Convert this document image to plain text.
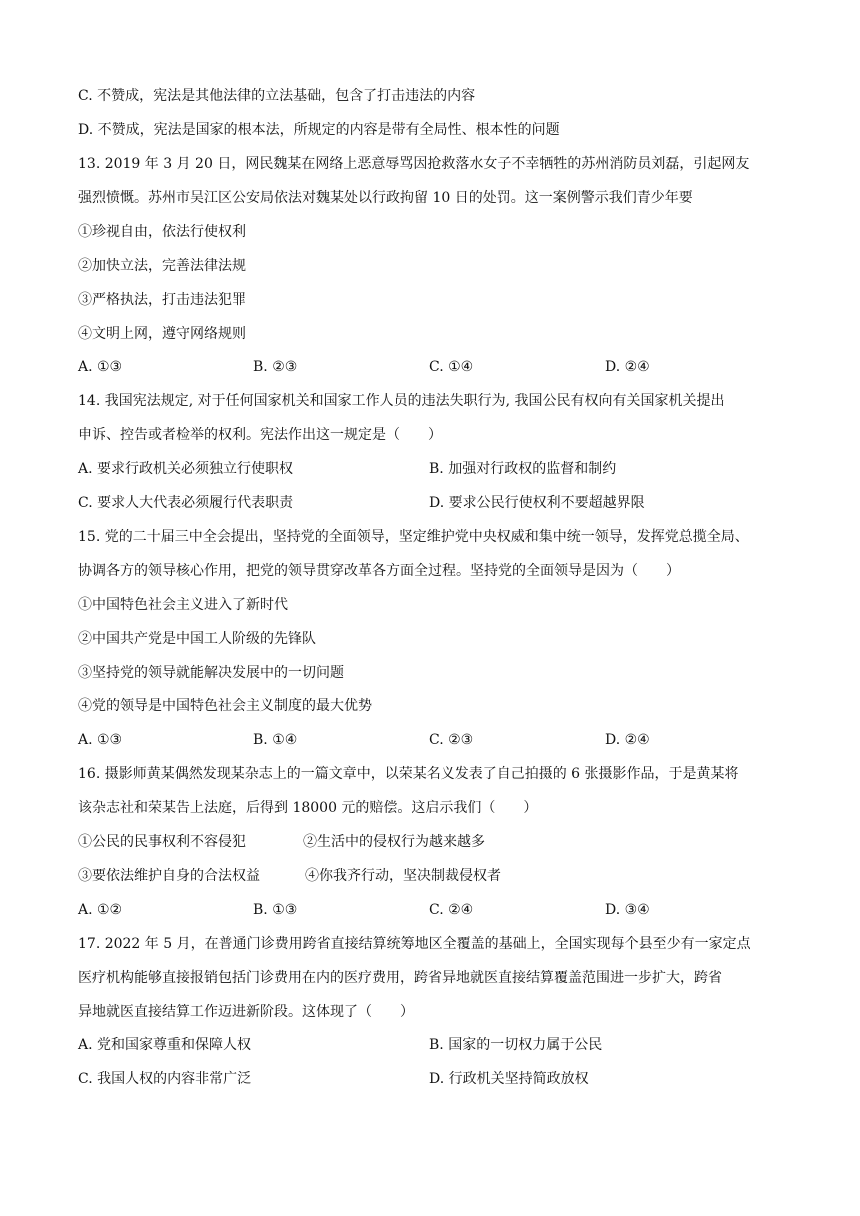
C. 不赞成，宪法是其他法律的立法基础，包含了打击违法的内容
D. 不赞成，宪法是国家的根本法，所规定的内容是带有全局性、根本性的问题
13. 2019 年 3 月 20 日，网民魏某在网络上恶意辱骂因抢救落水女子不幸牺牲的苏州消防员刘磊，引起网友
强烈愤慨。苏州市吴江区公安局依法对魏某处以行政拘留 10 日的处罚。这一案例警示我们青少年要
①珍视自由，依法行使权利
②加快立法，完善法律法规
③严格执法，打击违法犯罪
④文明上网，遵守网络规则
A. ①③	B. ②③	C. ①④	D. ②④
14. 我国宪法规定, 对于任何国家机关和国家工作人员的违法失职行为, 我国公民有权向有关国家机关提出
申诉、控告或者检举的权利。宪法作出这一规定是（　　）
A. 要求行政机关必须独立行使职权	B. 加强对行政权的监督和制约
C. 要求人大代表必须履行代表职责	D. 要求公民行使权利不要超越界限
15. 党的二十届三中全会提出，坚持党的全面领导，坚定维护党中央权威和集中统一领导，发挥党总揽全局、
协调各方的领导核心作用，把党的领导贯穿改革各方面全过程。坚持党的全面领导是因为（　　）
①中国特色社会主义进入了新时代
②中国共产党是中国工人阶级的先锋队
③坚持党的领导就能解决发展中的一切问题
④党的领导是中国特色社会主义制度的最大优势
A. ①③	B. ①④	C. ②③	D. ②④
16. 摄影师黄某偶然发现某杂志上的一篇文章中，以荣某名义发表了自己拍摄的 6 张摄影作品，于是黄某将
该杂志社和荣某告上法庭，后得到 18000 元的赔偿。这启示我们（　　）
①公民的民事权利不容侵犯	②生活中的侵权行为越来越多
③要依法维护自身的合法权益	④你我齐行动，坚决制裁侵权者
A. ①②	B. ①③	C. ②④	D. ③④
17. 2022 年 5 月，在普通门诊费用跨省直接结算统筹地区全覆盖的基础上，全国实现每个县至少有一家定点
医疗机构能够直接报销包括门诊费用在内的医疗费用，跨省异地就医直接结算覆盖范围进一步扩大，跨省
异地就医直接结算工作迈进新阶段。这体现了（　　）
A. 党和国家尊重和保障人权	B. 国家的一切权力属于公民
C. 我国人权的内容非常广泛	D. 行政机关坚持简政放权
